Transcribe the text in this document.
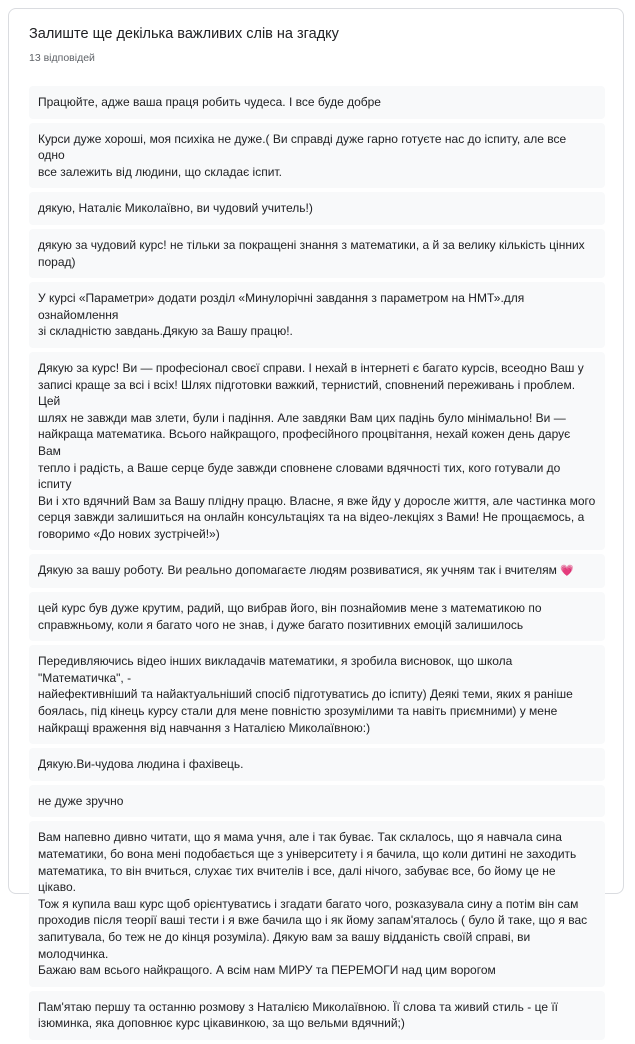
Залиште ще декілька важливих слів на згадку
13 відповідей
Працюйте, адже ваша праця робить чудеса. І все буде добре
Курси дуже хороші, моя психіка не дуже.( Ви справді дуже гарно готуєте нас до іспиту, але все одно
все залежить від людини, що складає іспит.
дякую, Наталіє Миколаївно, ви чудовий учитель!)
дякую за чудовий курс! не тільки за покращені знання з математики, а й за велику кількість цінних
порад)
У курсі «Параметри» додати розділ «Минулорічні завдання з параметром на НМТ».для ознайомлення
зі складністю завдань.Дякую за Вашу працю!.
Дякую за курс! Ви — професіонал своєї справи. І нехай в інтернеті є багато курсів, всеодно Ваш у
записі краще за всі і всіх! Шлях підготовки важкий, тернистий, сповнений переживань і проблем. Цей
шлях не завжди мав злети, були і падіння. Але завдяки Вам цих падінь було мінімально! Ви —
найкраща математика. Всього найкращого, професійного процвітання, нехай кожен день дарує Вам
тепло і радість, а Ваше серце буде завжди сповнене словами вдячності тих, кого готували до іспиту
Ви і хто вдячний Вам за Вашу плідну працю. Власне, я вже йду у доросле життя, але частинка мого
серця завжди залишиться на онлайн консультаціях та на відео-лекціях з Вами! Не прощаємось, а
говоримо «До нових зустрічей!»)
Дякую за вашу роботу. Ви реально допомагаєте людям розвиватися, як учням так і вчителям 💗
цей курс був дуже крутим, радий, що вибрав його, він познайомив мене з математикою по
справжньому, коли я багато чого не знав, і дуже багато позитивних емоцій залишилось
Передивляючись відео інших викладачів математики, я зробила висновок, що школа "Математичка", -
найефективніший та найактуальніший спосіб підготуватись до іспиту) Деякі теми, яких я раніше
боялась, під кінець курсу стали для мене повністю зрозумілими та навіть приємними) у мене
найкращі враження від навчання з Наталією Миколаївною:)
Дякую.Ви-чудова людина і фахівець.
не дуже зручно
Вам напевно дивно читати, що я мама учня, але і так буває. Так склалось, що я навчала сина
математики, бо вона мені подобається ще з університету і я бачила, що коли дитині не заходить
математика, то він вчиться, слухає тих вчителів і все, далі нічого, забуває все, бо йому це не цікаво.
Тож я купила ваш курс щоб орієнтуватись і згадати багато чого, розказувала сину а потім він сам
проходив після теорії ваші тести і я вже бачила що і як йому запам'яталось ( було й таке, що я вас
запитувала, бо теж не до кінця розуміла). Дякую вам за вашу відданість своїй справі, ви молодчинка.
Бажаю вам всього найкращого. А всім нам МИРУ та ПЕРЕМОГИ над цим ворогом
Пам'ятаю першу та останню розмову з Наталією Миколаївною. Її слова та живий стиль - це її
ізюминка, яка доповнює курс цікавинкою, за що вельми вдячний;)
